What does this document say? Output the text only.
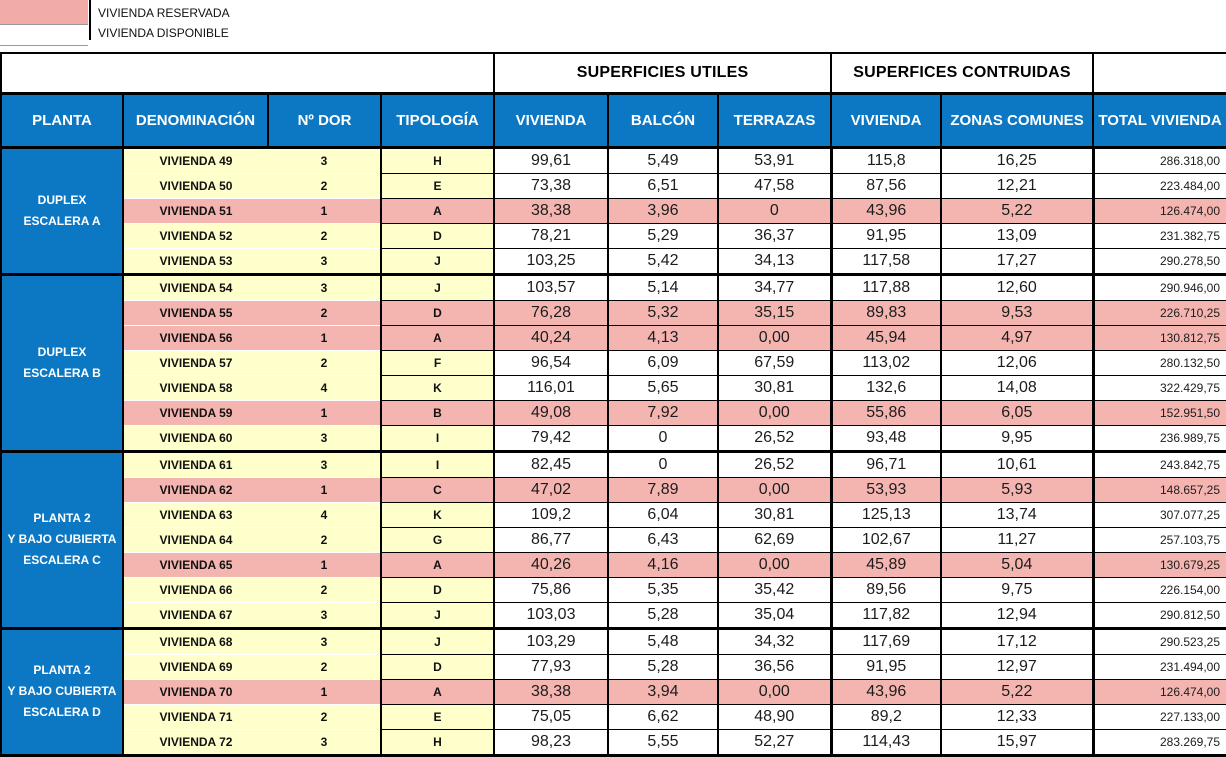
VIVIENDA RESERVADA
VIVIENDA DISPONIBLE
				SUPERFICIES UTILES			SUPERFICES CONTRUIDAS		
PLANTA	DENOMINACIÓN	Nº DOR	TIPOLOGÍA	VIVIENDA	BALCÓN	TERRAZAS	VIVIENDA	ZONAS COMUNES	TOTAL VIVIENDA

DUPLEX
ESCALERA A	VIVIENDA 49	3	H	99,61	5,49	53,91	115,8	16,25	286.318,00
	VIVIENDA 50	2	E	73,38	6,51	47,58	87,56	12,21	223.484,00
	VIVIENDA 51	1	A	38,38	3,96	0	43,96	5,22	126.474,00
	VIVIENDA 52	2	D	78,21	5,29	36,37	91,95	13,09	231.382,75
	VIVIENDA 53	3	J	103,25	5,42	34,13	117,58	17,27	290.278,50

DUPLEX
ESCALERA B	VIVIENDA 54	3	J	103,57	5,14	34,77	117,88	12,60	290.946,00
	VIVIENDA 55	2	D	76,28	5,32	35,15	89,83	9,53	226.710,25
	VIVIENDA 56	1	A	40,24	4,13	0,00	45,94	4,97	130.812,75
	VIVIENDA 57	2	F	96,54	6,09	67,59	113,02	12,06	280.132,50
	VIVIENDA 58	4	K	116,01	5,65	30,81	132,6	14,08	322.429,75
	VIVIENDA 59	1	B	49,08	7,92	0,00	55,86	6,05	152.951,50
	VIVIENDA 60	3	I	79,42	0	26,52	93,48	9,95	236.989,75

PLANTA 2
Y BAJO CUBIERTA
ESCALERA C	VIVIENDA 61	3	I	82,45	0	26,52	96,71	10,61	243.842,75
	VIVIENDA 62	1	C	47,02	7,89	0,00	53,93	5,93	148.657,25
	VIVIENDA 63	4	K	109,2	6,04	30,81	125,13	13,74	307.077,25
	VIVIENDA 64	2	G	86,77	6,43	62,69	102,67	11,27	257.103,75
	VIVIENDA 65	1	A	40,26	4,16	0,00	45,89	5,04	130.679,25
	VIVIENDA 66	2	D	75,86	5,35	35,42	89,56	9,75	226.154,00
	VIVIENDA 67	3	J	103,03	5,28	35,04	117,82	12,94	290.812,50

PLANTA 2
Y BAJO CUBIERTA
ESCALERA D	VIVIENDA 68	3	J	103,29	5,48	34,32	117,69	17,12	290.523,25
	VIVIENDA 69	2	D	77,93	5,28	36,56	91,95	12,97	231.494,00
	VIVIENDA 70	1	A	38,38	3,94	0,00	43,96	5,22	126.474,00
	VIVIENDA 71	2	E	75,05	6,62	48,90	89,2	12,33	227.133,00
	VIVIENDA 72	3	H	98,23	5,55	52,27	114,43	15,97	283.269,75
